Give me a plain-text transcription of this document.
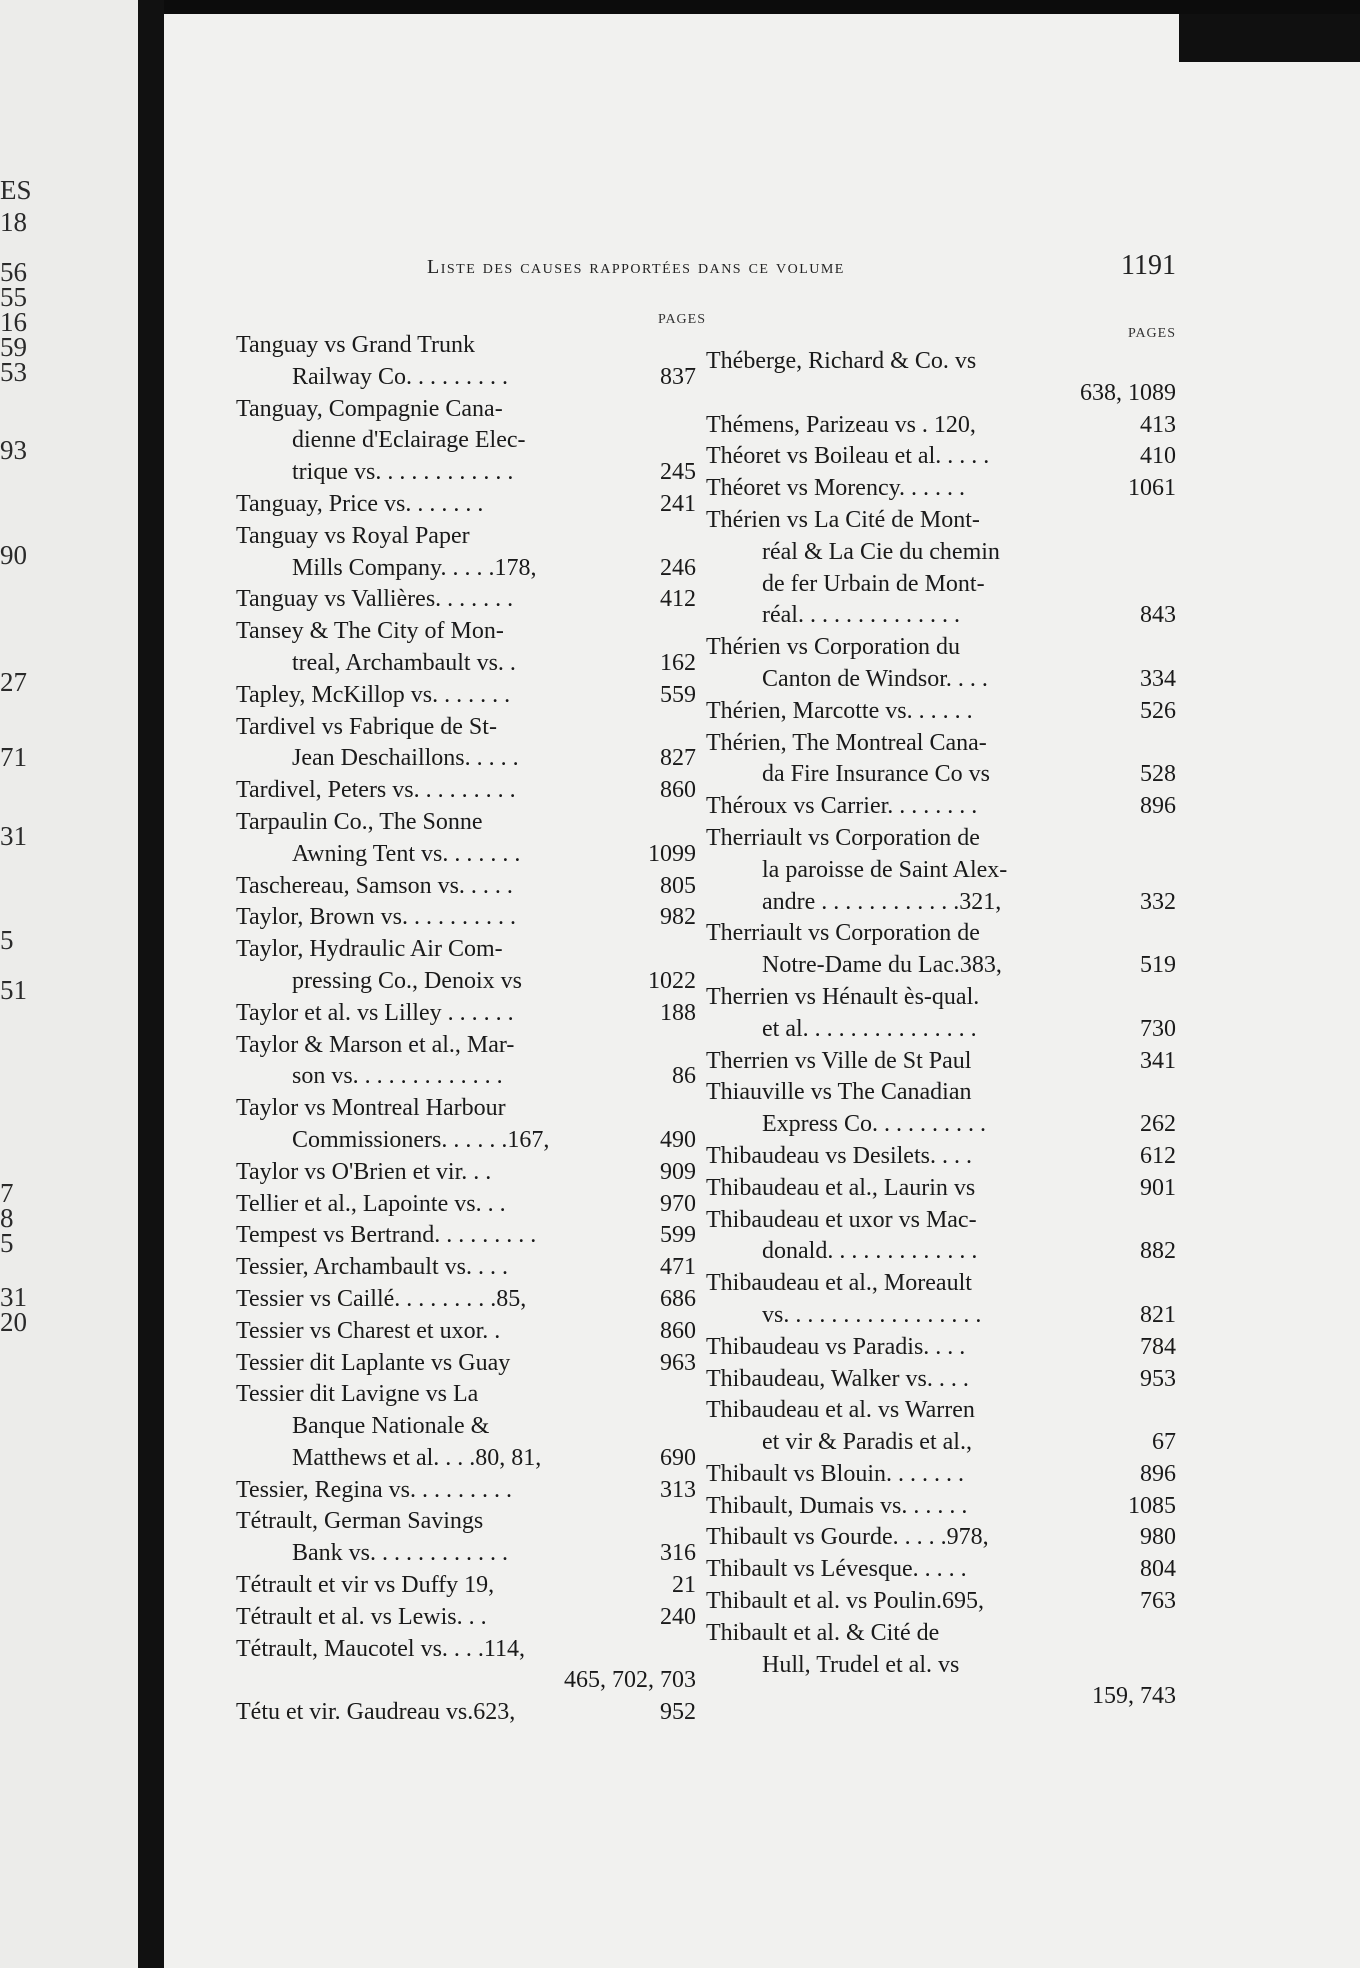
ES
18
56
55
16
59
53
93
90
27
71
31
5
51
7
8
5
31
20
Liste des causes rapportées dans ce volume	1191
PAGES
Tanguay vs Grand Trunk
Railway Co. . . . . . . . .	837
Tanguay, Compagnie Cana-
dienne d'Eclairage Elec-
trique vs. . . . . . . . . . . .	245
Tanguay, Price vs. . . . . . .	241
Tanguay vs Royal Paper
Mills Company. . . . .178,	246
Tanguay vs Vallières. . . . . . .	412
Tansey & The City of Mon-
treal, Archambault vs. .	162
Tapley, McKillop vs. . . . . . .	559
Tardivel vs Fabrique de St-
Jean Deschaillons. . . . .	827
Tardivel, Peters vs. . . . . . . . .	860
Tarpaulin Co., The Sonne
Awning Tent vs. . . . . . .	1099
Taschereau, Samson vs. . . . .	805
Taylor, Brown vs. . . . . . . . . .	982
Taylor, Hydraulic Air Com-
pressing Co., Denoix vs	1022
Taylor et al. vs Lilley . . . . . .	188
Taylor & Marson et al., Mar-
son vs. . . . . . . . . . . . .	86
Taylor vs Montreal Harbour
Commissioners. . . . . .167,	490
Taylor vs O'Brien et vir. . .	909
Tellier et al., Lapointe vs. . .	970
Tempest vs Bertrand. . . . . . . . .	599
Tessier, Archambault vs. . . .	471
Tessier vs Caillé. . . . . . . . .85,	686
Tessier vs Charest et uxor. .	860
Tessier dit Laplante vs Guay	963
Tessier dit Lavigne vs La
Banque Nationale &
Matthews et al. . . .80, 81,	690
Tessier, Regina vs. . . . . . . . .	313
Tétrault, German Savings
Bank vs. . . . . . . . . . . .	316
Tétrault et vir vs Duffy 19,	21
Tétrault et al. vs Lewis. . .	240
Tétrault, Maucotel vs. . . .114,
465, 702, 703
Tétu et vir. Gaudreau vs.623,	952
PAGES
Théberge, Richard & Co. vs
638, 1089
Thémens, Parizeau vs . 120,	413
Théoret vs Boileau et al. . . . .	410
Théoret vs Morency. . . . . .	1061
Thérien vs La Cité de Mont-
réal & La Cie du chemin
de fer Urbain de Mont-
réal. . . . . . . . . . . . . .	843
Thérien vs Corporation du
Canton de Windsor. . . .	334
Thérien, Marcotte vs. . . . . .	526
Thérien, The Montreal Cana-
da Fire Insurance Co vs	528
Théroux vs Carrier. . . . . . . .	896
Therriault vs Corporation de
la paroisse de Saint Alex-
andre . . . . . . . . . . . .321,	332
Therriault vs Corporation de
Notre-Dame du Lac.383,	519
Therrien vs Hénault ès-qual.
et al. . . . . . . . . . . . . . .	730
Therrien vs Ville de St Paul	341
Thiauville vs The Canadian
Express Co. . . . . . . . . .	262
Thibaudeau vs Desilets. . . .	612
Thibaudeau et al., Laurin vs	901
Thibaudeau et uxor vs Mac-
donald. . . . . . . . . . . . .	882
Thibaudeau et al., Moreault
vs. . . . . . . . . . . . . . . . .	821
Thibaudeau vs Paradis. . . .	784
Thibaudeau, Walker vs. . . .	953
Thibaudeau et al. vs Warren
et vir & Paradis et al.,	67
Thibault vs Blouin. . . . . . .	896
Thibault, Dumais vs. . . . . .	1085
Thibault vs Gourde. . . . .978,	980
Thibault vs Lévesque. . . . .	804
Thibault et al. vs Poulin.695,	763
Thibault et al. & Cité de
Hull, Trudel et al. vs
159, 743
